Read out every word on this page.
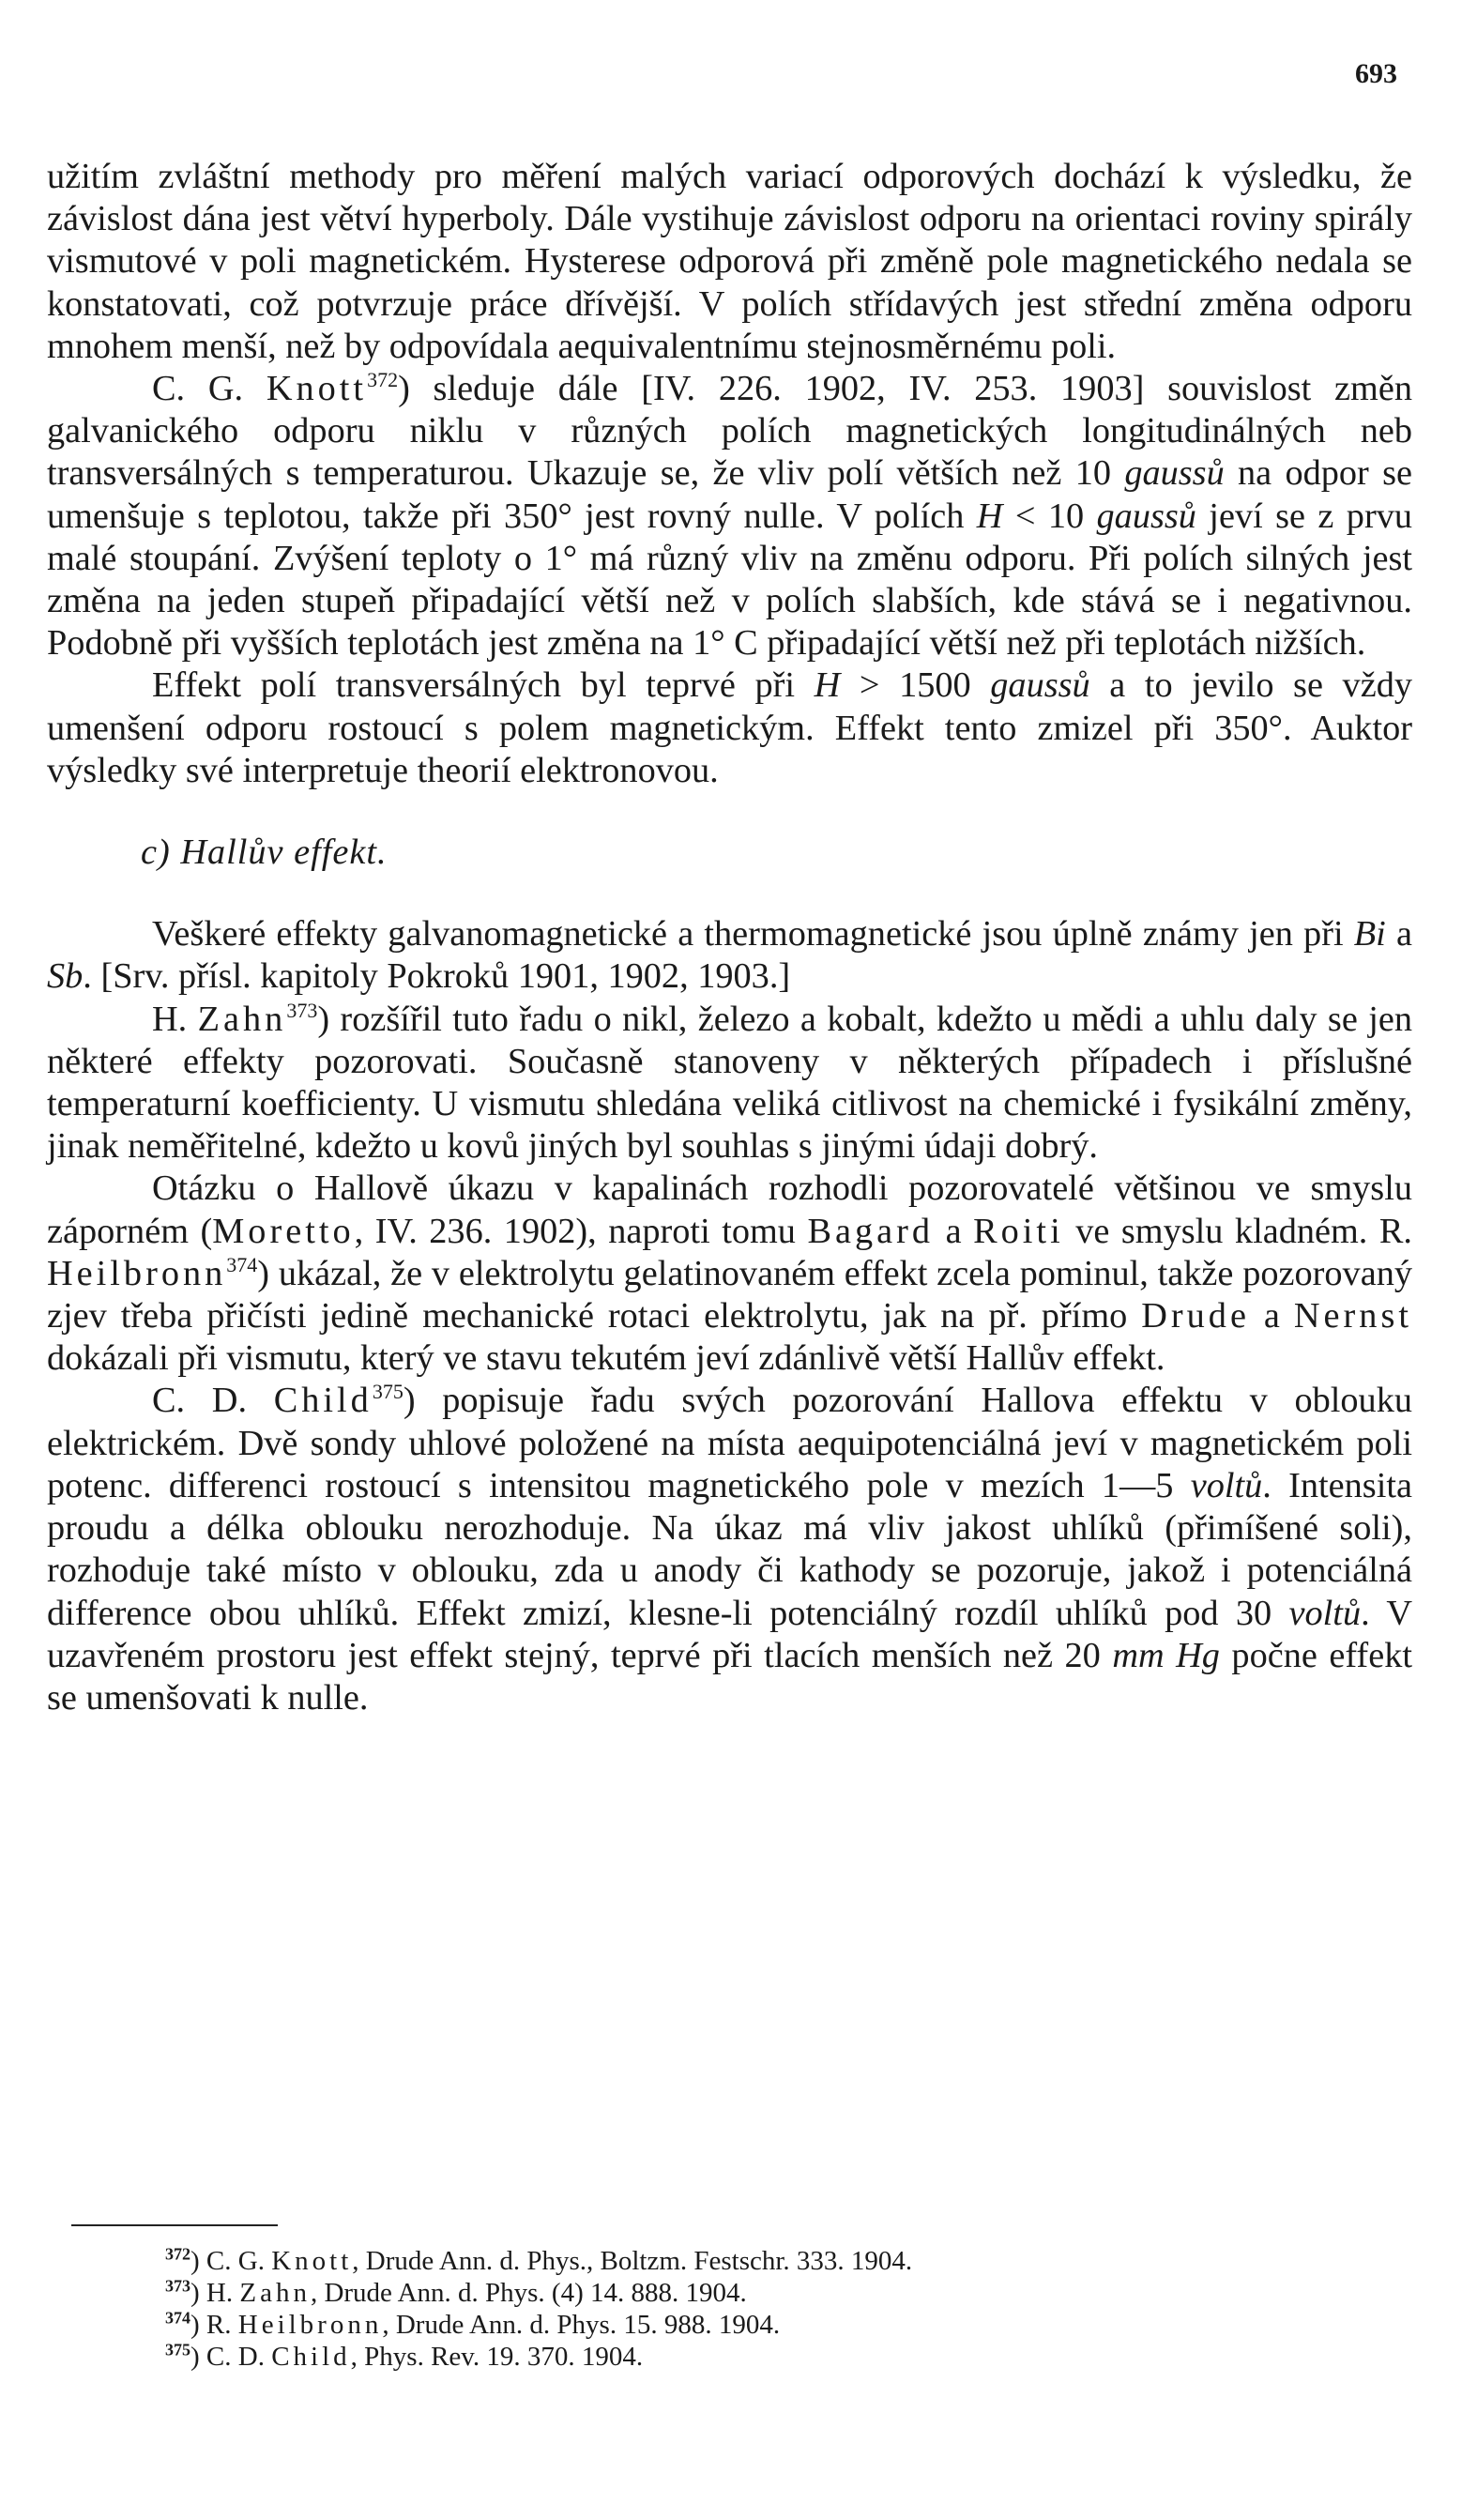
693

užitím zvláštní methody pro měření malých variací odporových dochází k výsledku, že závislost dána jest větví hyperboly. Dále vystihuje závislost odporu na orientaci roviny spirály vismutové v poli magnetickém. Hysterese odporová při změně pole magnetického nedala se konstatovati, což potvrzuje práce dřívější. V polích střídavých jest střední změna odporu mnohem menší, než by odpovídala aequivalentnímu stejnosměrnému poli.

C. G. Knott$^{372}$) sleduje dále [IV. 226. 1902, IV. 253. 1903] souvislost změn galvanického odporu niklu v různých polích magnetických longitudinálných neb transversálných s temperaturou. Ukazuje se, že vliv polí větších než 10 gaussů na odpor se umenšuje s teplotou, takže při 350° jest rovný nulle. V polích H < 10 gaussů jeví se z prvu malé stoupání. Zvýšení teploty o 1° má různý vliv na změnu odporu. Při polích silných jest změna na jeden stupeň připadající větší než v polích slabších, kde stává se i negativnou. Podobně při vyšších teplotách jest změna na 1° C připadající větší než při teplotách nižších.

Effekt polí transversálných byl teprvé při H > 1500 gaussů a to jevilo se vždy umenšení odporu rostoucí s polem magnetickým. Effekt tento zmizel při 350°. Auktor výsledky své interpretuje theorií elektronovou.

c) Hallův effekt.

Veškeré effekty galvanomagnetické a thermomagnetické jsou úplně známy jen při Bi a Sb. [Srv. přísl. kapitoly Pokroků 1901, 1902, 1903.]

H. Zahn$^{373}$) rozšířil tuto řadu o nikl, železo a kobalt, kdežto u mědi a uhlu daly se jen některé effekty pozorovati. Současně stanoveny v některých případech i příslušné temperaturní koefficienty. U vismutu shledána veliká citlivost na chemické i fysikální změny, jinak neměřitelné, kdežto u kovů jiných byl souhlas s jinými údaji dobrý.

Otázku o Hallově úkazu v kapalinách rozhodli pozorovatelé většinou ve smyslu záporném (Moretto, IV. 236. 1902), naproti tomu Bagard a Roiti ve smyslu kladném. R. Heilbronn$^{374}$) ukázal, že v elektrolytu gelatinovaném effekt zcela pominul, takže pozorovaný zjev třeba přičísti jedině mechanické rotaci elektrolytu, jak na př. přímo Drude a Nernst dokázali při vismutu, který ve stavu tekutém jeví zdánlivě větší Hallův effekt.

C. D. Child$^{375}$) popisuje řadu svých pozorování Hallova effektu v oblouku elektrickém. Dvě sondy uhlové položené na místa aequipotenciálná jeví v magnetickém poli potenc. differenci rostoucí s intensitou magnetického pole v mezích 1—5 voltů. Intensita proudu a délka oblouku nerozhoduje. Na úkaz má vliv jakost uhlíků (přimíšené soli), rozhoduje také místo v oblouku, zda u anody či kathody se pozoruje, jakož i potenciálná difference obou uhlíků. Effekt zmizí, klesne-li potenciálný rozdíl uhlíků pod 30 voltů. V uzavřeném prostoru jest effekt stejný, teprvé při tlacích menších než 20 mm Hg počne effekt se umenšovati k nulle.

$^{372}$) C. G. Knott, Drude Ann. d. Phys., Boltzm. Festschr. 333. 1904.
$^{373}$) H. Zahn, Drude Ann. d. Phys. (4) 14. 888. 1904.
$^{374}$) R. Heilbronn, Drude Ann. d. Phys. 15. 988. 1904.
$^{375}$) C. D. Child, Phys. Rev. 19. 370. 1904.
